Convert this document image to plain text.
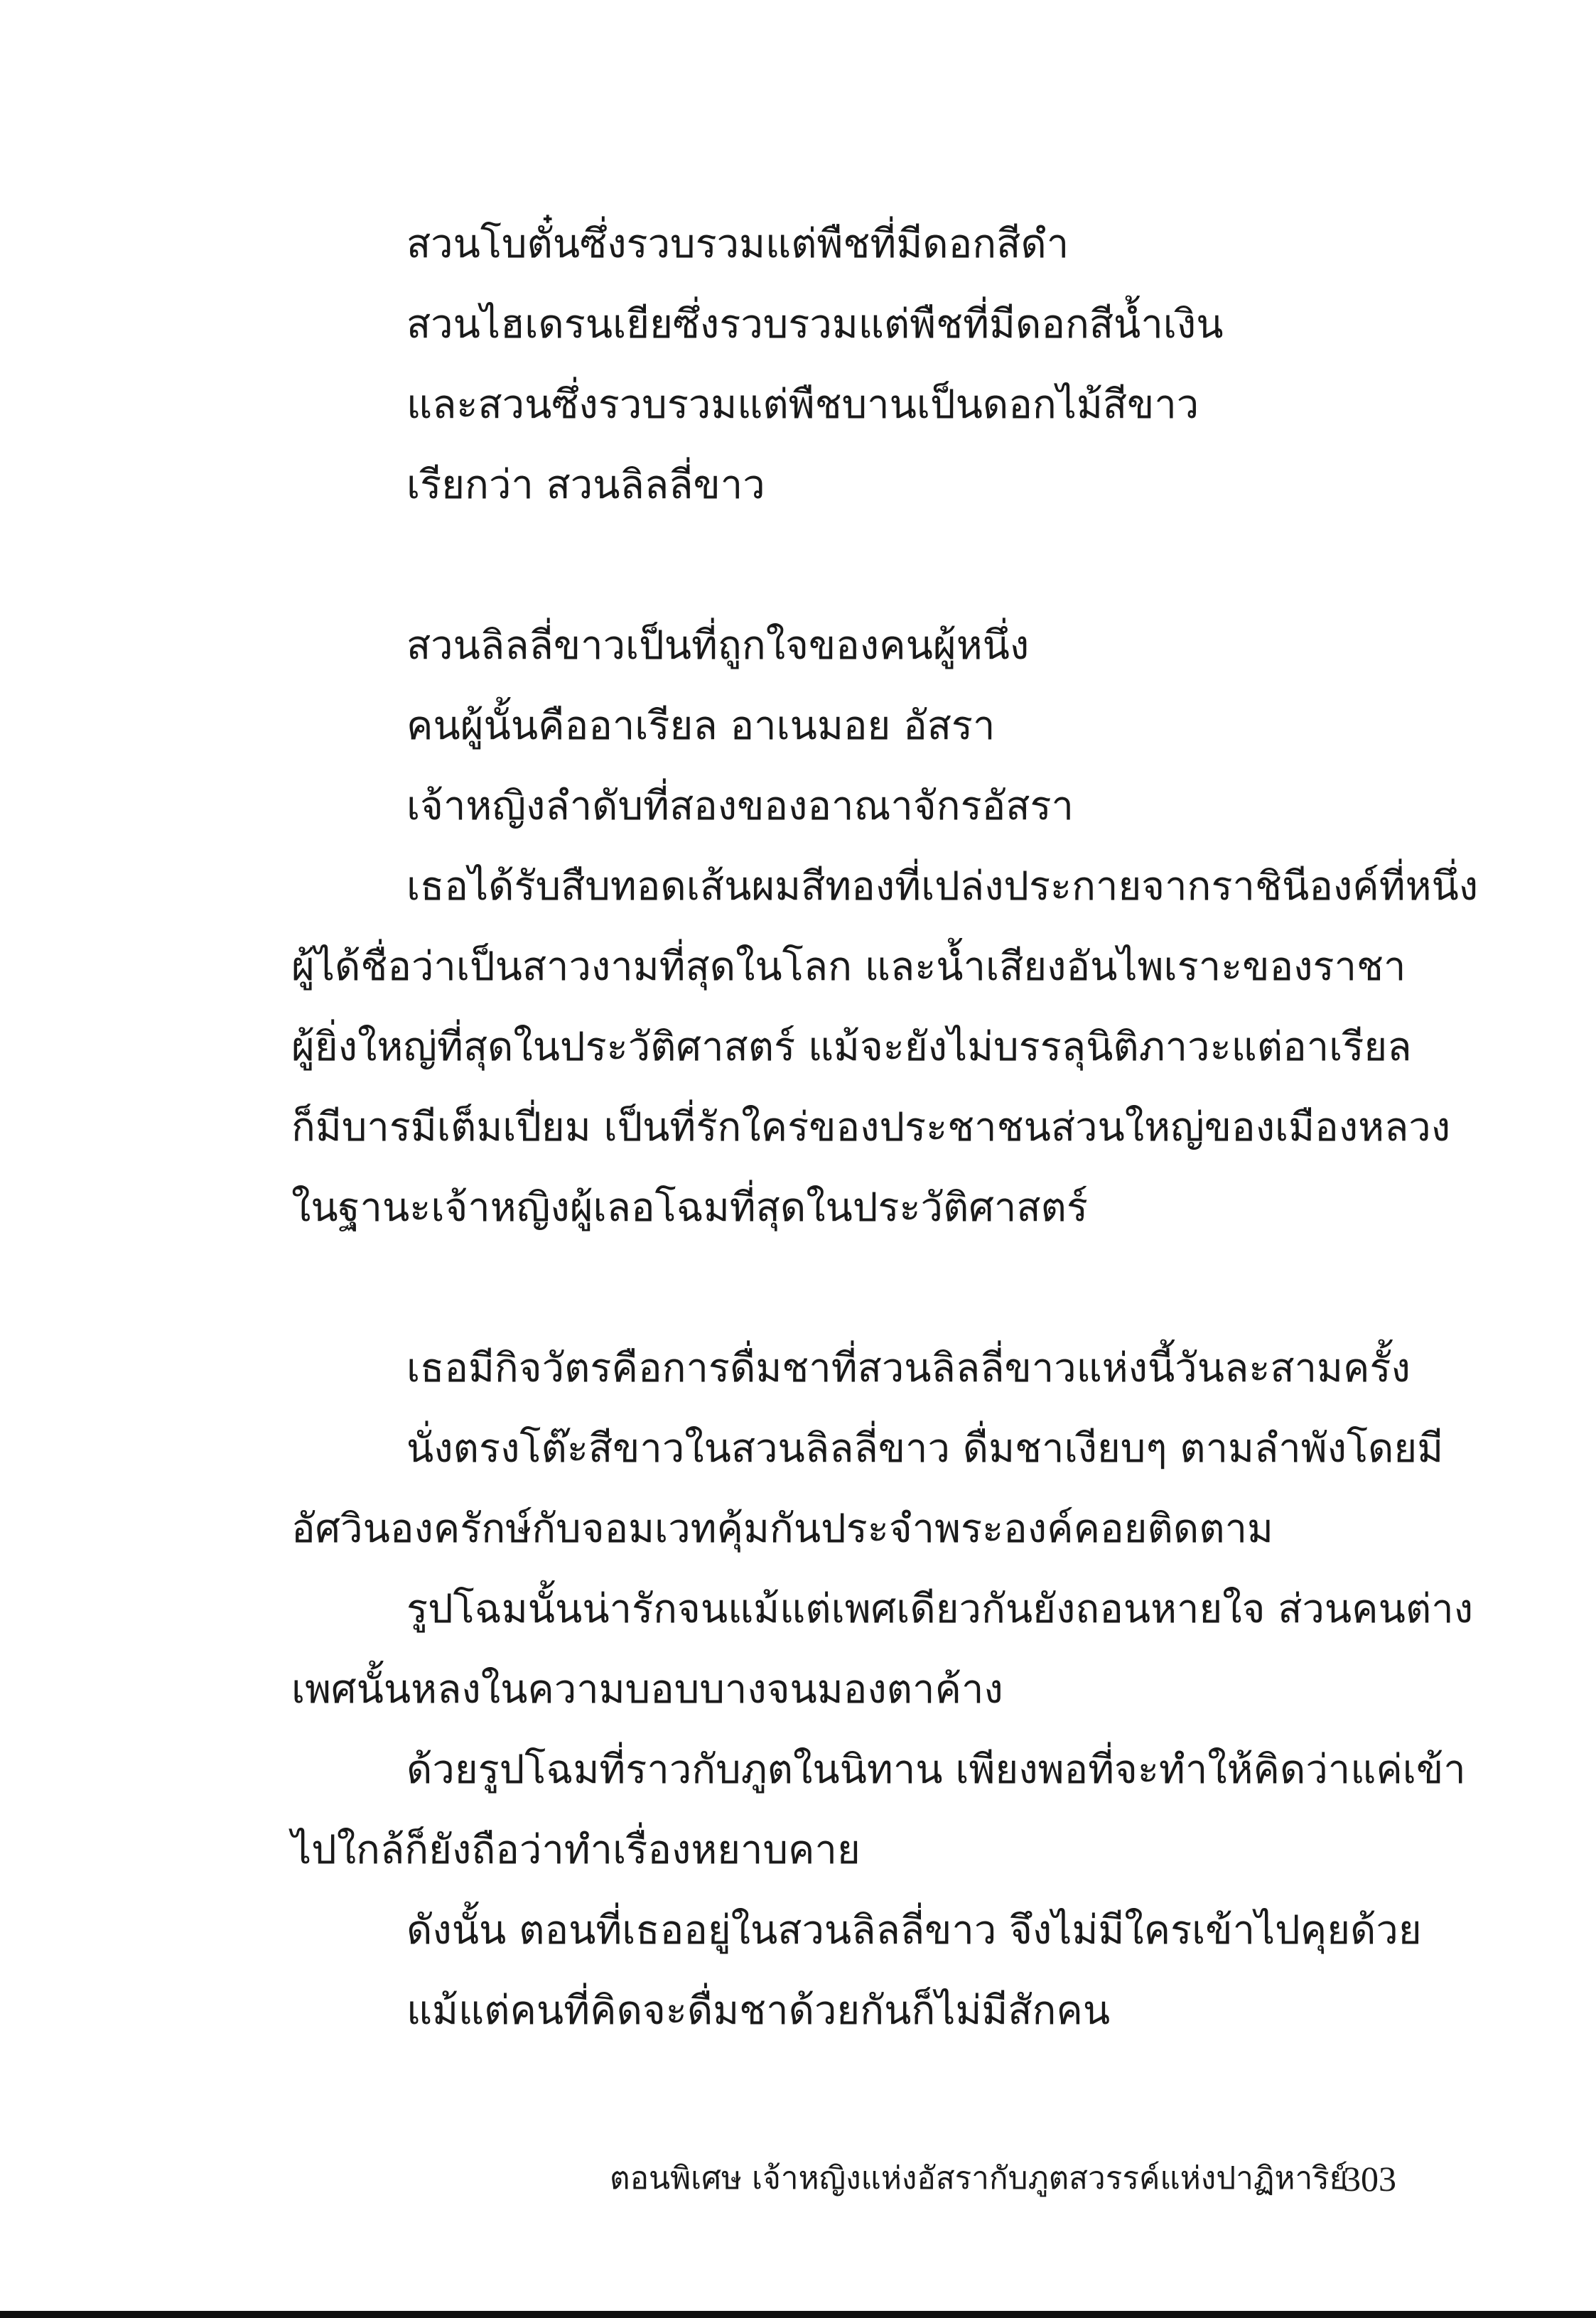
สวนโบตั๋นซึ่งรวบรวมแต่พืชที่มีดอกสีดำ
สวนไฮเดรนเยียซึ่งรวบรวมแต่พืชที่มีดอกสีน้ำเงิน
และสวนซึ่งรวบรวมแต่พืชบานเป็นดอกไม้สีขาว
เรียกว่า สวนลิลลี่ขาว
สวนลิลลี่ขาวเป็นที่ถูกใจของคนผู้หนึ่ง
คนผู้นั้นคืออาเรียล อาเนมอย อัสรา
เจ้าหญิงลำดับที่สองของอาณาจักรอัสรา
เธอได้รับสืบทอดเส้นผมสีทองที่เปล่งประกายจากราชินีองค์ที่หนึ่ง
ผู้ได้ชื่อว่าเป็นสาวงามที่สุดในโลก และน้ำเสียงอันไพเราะของราชา
ผู้ยิ่งใหญ่ที่สุดในประวัติศาสตร์ แม้จะยังไม่บรรลุนิติภาวะแต่อาเรียล
ก็มีบารมีเต็มเปี่ยม เป็นที่รักใคร่ของประชาชนส่วนใหญ่ของเมืองหลวง
ในฐานะเจ้าหญิงผู้เลอโฉมที่สุดในประวัติศาสตร์
เธอมีกิจวัตรคือการดื่มชาที่สวนลิลลี่ขาวแห่งนี้วันละสามครั้ง
นั่งตรงโต๊ะสีขาวในสวนลิลลี่ขาว ดื่มชาเงียบๆ ตามลำพังโดยมี
อัศวินองครักษ์กับจอมเวทคุ้มกันประจำพระองค์คอยติดตาม
รูปโฉมนั้นน่ารักจนแม้แต่เพศเดียวกันยังถอนหายใจ ส่วนคนต่าง
เพศนั้นหลงในความบอบบางจนมองตาค้าง
ด้วยรูปโฉมที่ราวกับภูตในนิทาน เพียงพอที่จะทำให้คิดว่าแค่เข้า
ไปใกล้ก็ยังถือว่าทำเรื่องหยาบคาย
ดังนั้น ตอนที่เธออยู่ในสวนลิลลี่ขาว จึงไม่มีใครเข้าไปคุยด้วย
แม้แต่คนที่คิดจะดื่มชาด้วยกันก็ไม่มีสักคน
ตอนพิเศษ เจ้าหญิงแห่งอัสรากับภูตสวรรค์แห่งปาฏิหาริย์
303
